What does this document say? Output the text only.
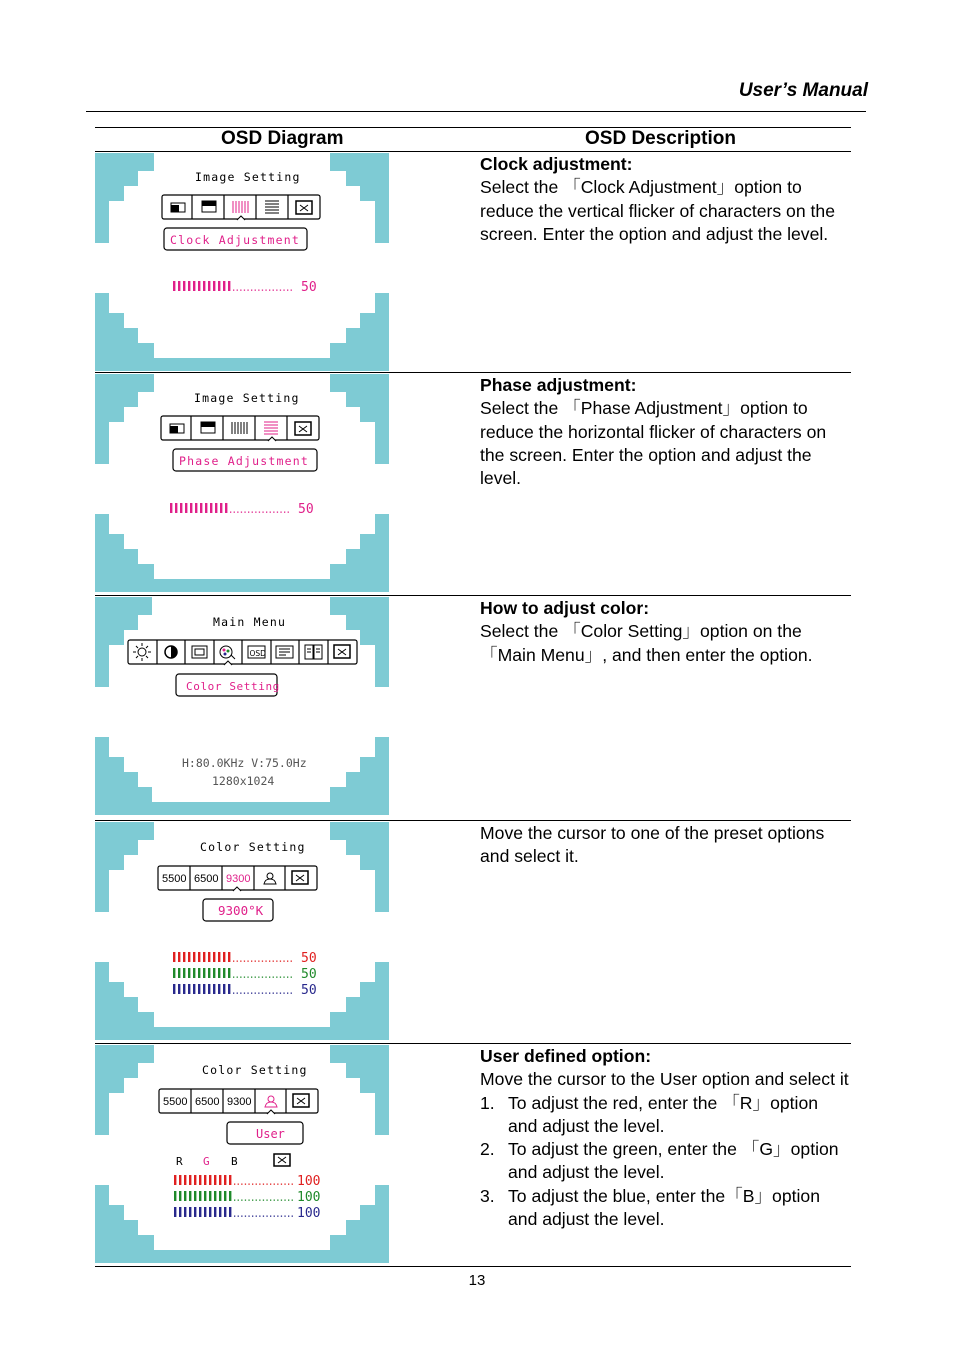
User’s Manual
OSD Diagram	OSD Description
Image Setting
Clock Adjustment
50

Clock adjustment:

Select the 「Clock Adjustment」option to reduce the vertical flicker of characters on the screen. Enter the option and adjust the level.

Image Setting
Phase Adjustment
50

Phase adjustment:

Select the 「Phase Adjustment」option to reduce the horizontal flicker of characters on the screen. Enter the option and adjust the level.

Main Menu
OSD
Color Setting
H:80.0KHz V:75.0Hz
1280x1024

How to adjust color:

Select the 「Color Setting」option on the 「Main Menu」, and then enter the option.

Color Setting
5500 6500 9300
9300°K
50
50
50

Move the cursor to one of the preset options and select it.

Color Setting
5500 6500 9300
User
R G B
100
100
100

User defined option:

Move the cursor to the User option and select it

1. To adjust the red, enter the 「R」option and adjust the level.
2. To adjust the green, enter the 「G」option and adjust the level.
3. To adjust the blue, enter the「B」option and adjust the level.
13
